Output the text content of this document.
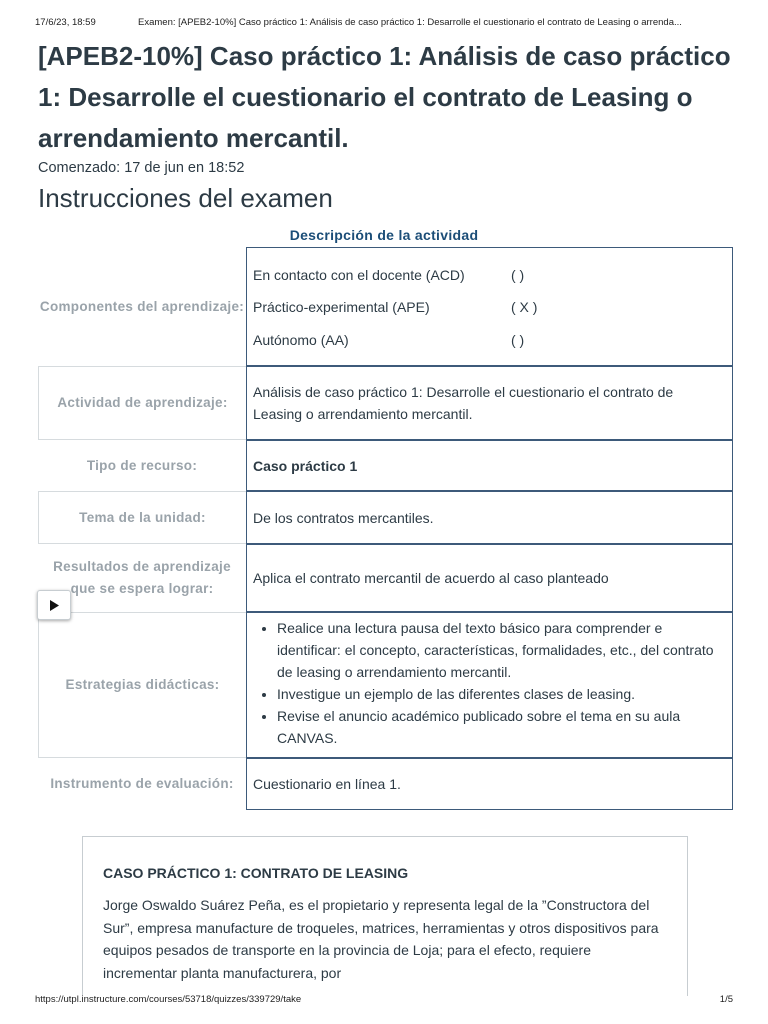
17/6/23, 18:59	Examen: [APEB2-10%] Caso práctico 1: Análisis de caso práctico 1: Desarrolle el cuestionario el contrato de Leasing o arrenda...
[APEB2-10%] Caso práctico 1: Análisis de caso práctico 1: Desarrolle el cuestionario el contrato de Leasing o arrendamiento mercantil.
Comenzado: 17 de jun en 18:52
Instrucciones del examen
Descripción de la actividad
Componentes del aprendizaje:
En contacto con el docente (ACD)	( )
Práctico-experimental (APE)	( X )
Autónomo (AA)	( )
Actividad de aprendizaje:
Análisis de caso práctico 1: Desarrolle el cuestionario el contrato de Leasing o arrendamiento mercantil.
Tipo de recurso:	Caso práctico 1
Tema de la unidad:	De los contratos mercantiles.
Resultados de aprendizaje que se espera lograr:
Aplica el contrato mercantil de acuerdo al caso planteado
Estrategias didácticas:
• Realice una lectura pausa del texto básico para comprender e identificar: el concepto, características, formalidades, etc., del contrato de leasing o arrendamiento mercantil.
• Investigue un ejemplo de las diferentes clases de leasing.
• Revise el anuncio académico publicado sobre el tema en su aula CANVAS.
Instrumento de evaluación:	Cuestionario en línea 1.

CASO PRÁCTICO 1: CONTRATO DE LEASING

Jorge Oswaldo Suárez Peña, es el propietario y representa legal de la ”Constructora del Sur”, empresa manufacture de troqueles, matrices, herramientas y otros dispositivos para equipos pesados de transporte en la provincia de Loja; para el efecto, requiere incrementar planta manufacturera, por

https://utpl.instructure.com/courses/53718/quizzes/339729/take	1/5
